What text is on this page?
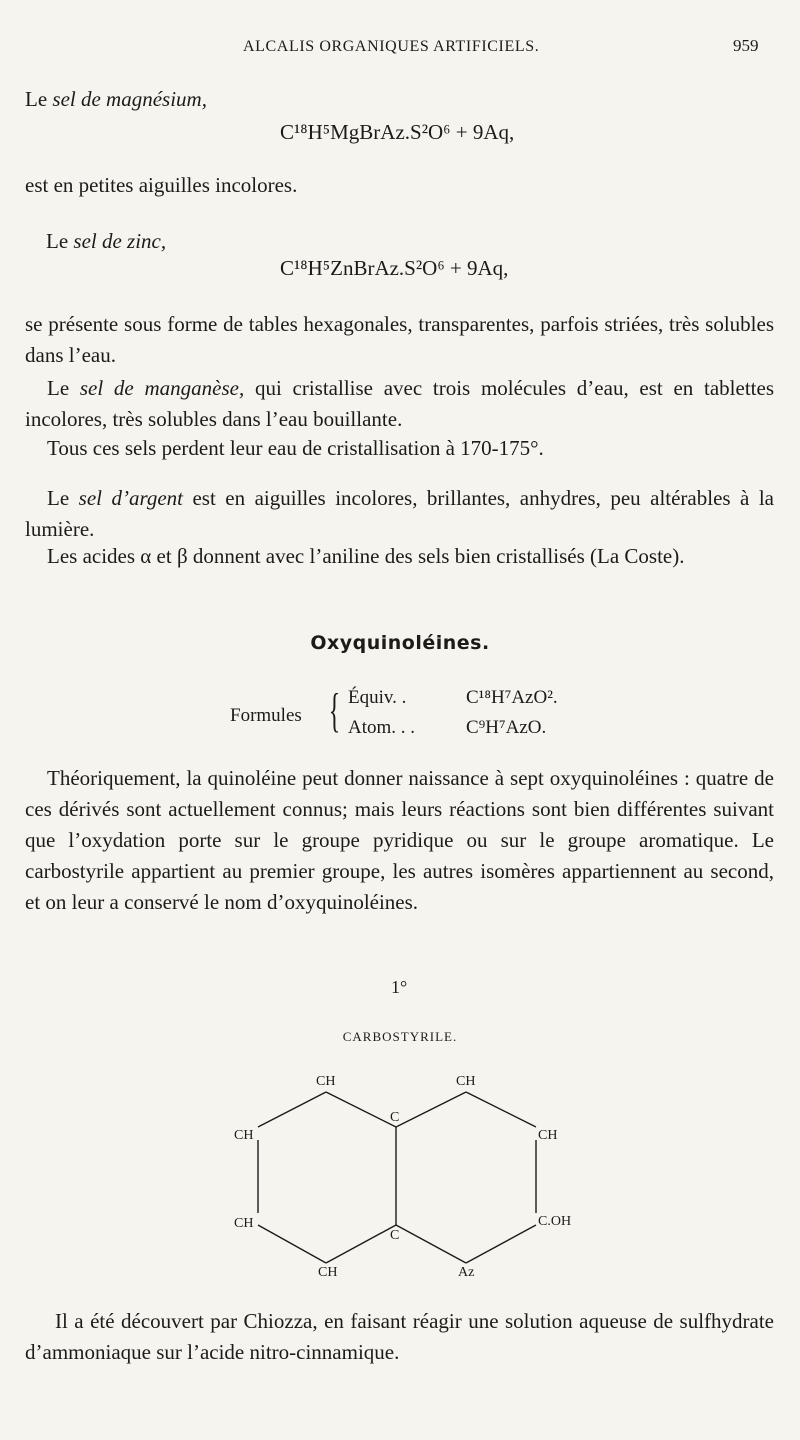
ALCALIS ORGANIQUES ARTIFICIELS.	959

Le sel de magnésium,

C¹⁸H⁵MgBrAz.S²O⁶ + 9Aq,

est en petites aiguilles incolores.

Le sel de zinc,

C¹⁸H⁵ZnBrAz.S²O⁶ + 9Aq,

se présente sous forme de tables hexagonales, transparentes, parfois striées, très solubles dans l’eau.

Le sel de manganèse, qui cristallise avec trois molécules d’eau, est en tablettes incolores, très solubles dans l’eau bouillante.

Tous ces sels perdent leur eau de cristallisation à 170-175°.

Le sel d’argent est en aiguilles incolores, brillantes, anhydres, peu altérables à la lumière.

Les acides α et β donnent avec l’aniline des sels bien cristallisés (La Coste).

Oxyquinoléines.
Formules { Équiv. .	C¹⁸H⁷AzO².
Atom. . .	C⁹H⁷AzO.

Théoriquement, la quinoléine peut donner naissance à sept oxyquinoléines : quatre de ces dérivés sont actuellement connus; mais leurs réactions sont bien différentes suivant que l’oxydation porte sur le groupe pyridique ou sur le groupe aromatique. Le carbostyrile appartient au premier groupe, les autres isomères appartiennent au second, et on leur a conservé le nom d’oxyquinoléines.

1°
CARBOSTYRILE.
CH	CH
CH	CH
CH	C.OH
CH	Az
C
C

Il a été découvert par Chiozza, en faisant réagir une solution aqueuse de sulfhydrate d’ammoniaque sur l’acide nitro-cinnamique.
